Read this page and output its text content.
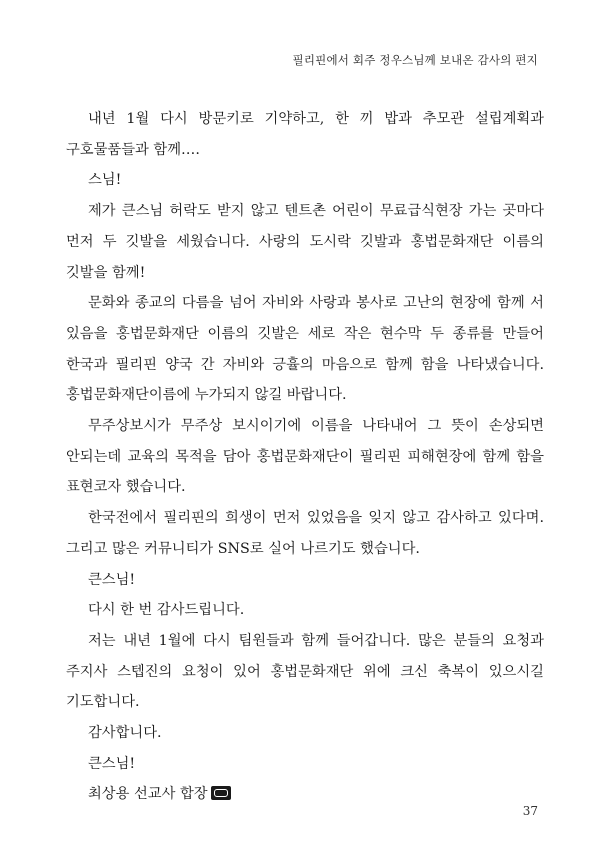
필리핀에서 회주 정우스님께 보내온 감사의 편지

내년 1월 다시 방문키로 기약하고, 한 끼 밥과 추모관 설립계획과 구호물품들과 함께….

스님!

제가 큰스님 허락도 받지 않고 텐트촌 어린이 무료급식현장 가는 곳마다 먼저 두 깃발을 세웠습니다. 사랑의 도시락 깃발과 홍법문화재단 이름의 깃발을 함께!

문화와 종교의 다름을 넘어 자비와 사랑과 봉사로 고난의 현장에 함께 서 있음을 홍법문화재단 이름의 깃발은 세로 작은 현수막 두 종류를 만들어 한국과 필리핀 양국 간 자비와 긍휼의 마음으로 함께 함을 나타냈습니다. 홍법문화재단이름에 누가되지 않길 바랍니다.

무주상보시가 무주상 보시이기에 이름을 나타내어 그 뜻이 손상되면 안되는데 교육의 목적을 담아 홍법문화재단이 필리핀 피해현장에 함께 함을 표현코자 했습니다.

한국전에서 필리핀의 희생이 먼저 있었음을 잊지 않고 감사하고 있다며. 그리고 많은 커뮤니티가 SNS로 실어 나르기도 했습니다.

큰스님!

다시 한 번 감사드립니다.

저는 내년 1월에 다시 팀원들과 함께 들어갑니다. 많은 분들의 요청과 주지사 스텝진의 요청이 있어 홍법문화재단 위에 크신 축복이 있으시길 기도합니다.

감사합니다.

큰스님!

최상용 선교사 합장

37
